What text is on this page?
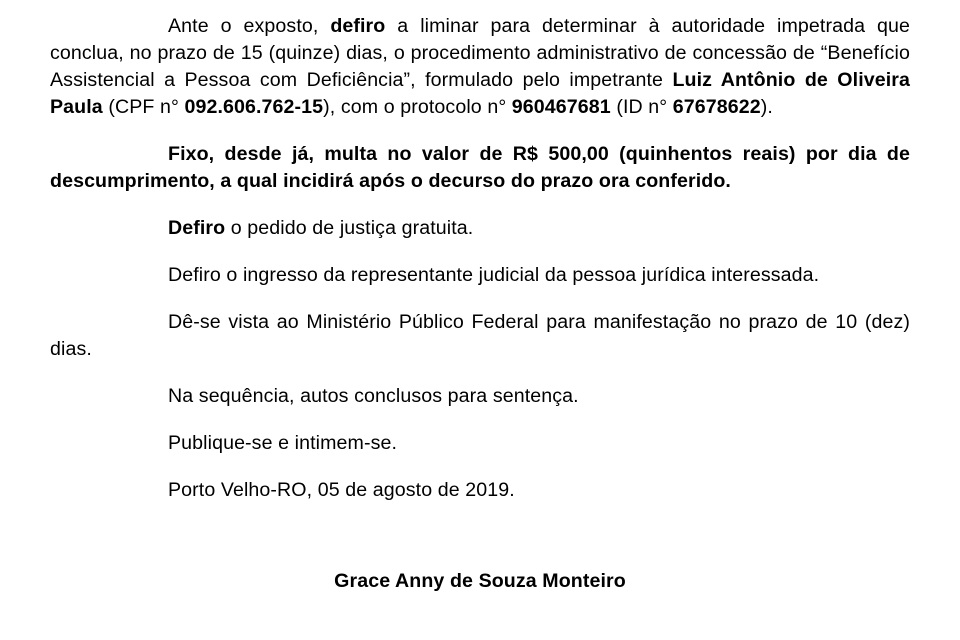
Ante o exposto, defiro a liminar para determinar à autoridade impetrada que conclua, no prazo de 15 (quinze) dias, o procedimento administrativo de concessão de “Benefício Assistencial a Pessoa com Deficiência”, formulado pelo impetrante Luiz Antônio de Oliveira Paula (CPF n° 092.606.762-15), com o protocolo n° 960467681 (ID n° 67678622).

Fixo, desde já, multa no valor de R$ 500,00 (quinhentos reais) por dia de descumprimento, a qual incidirá após o decurso do prazo ora conferido.

Defiro o pedido de justiça gratuita.

Defiro o ingresso da representante judicial da pessoa jurídica interessada.

Dê-se vista ao Ministério Público Federal para manifestação no prazo de 10 (dez) dias.

Na sequência, autos conclusos para sentença.

Publique-se e intimem-se.

Porto Velho-RO, 05 de agosto de 2019.

Grace Anny de Souza Monteiro
